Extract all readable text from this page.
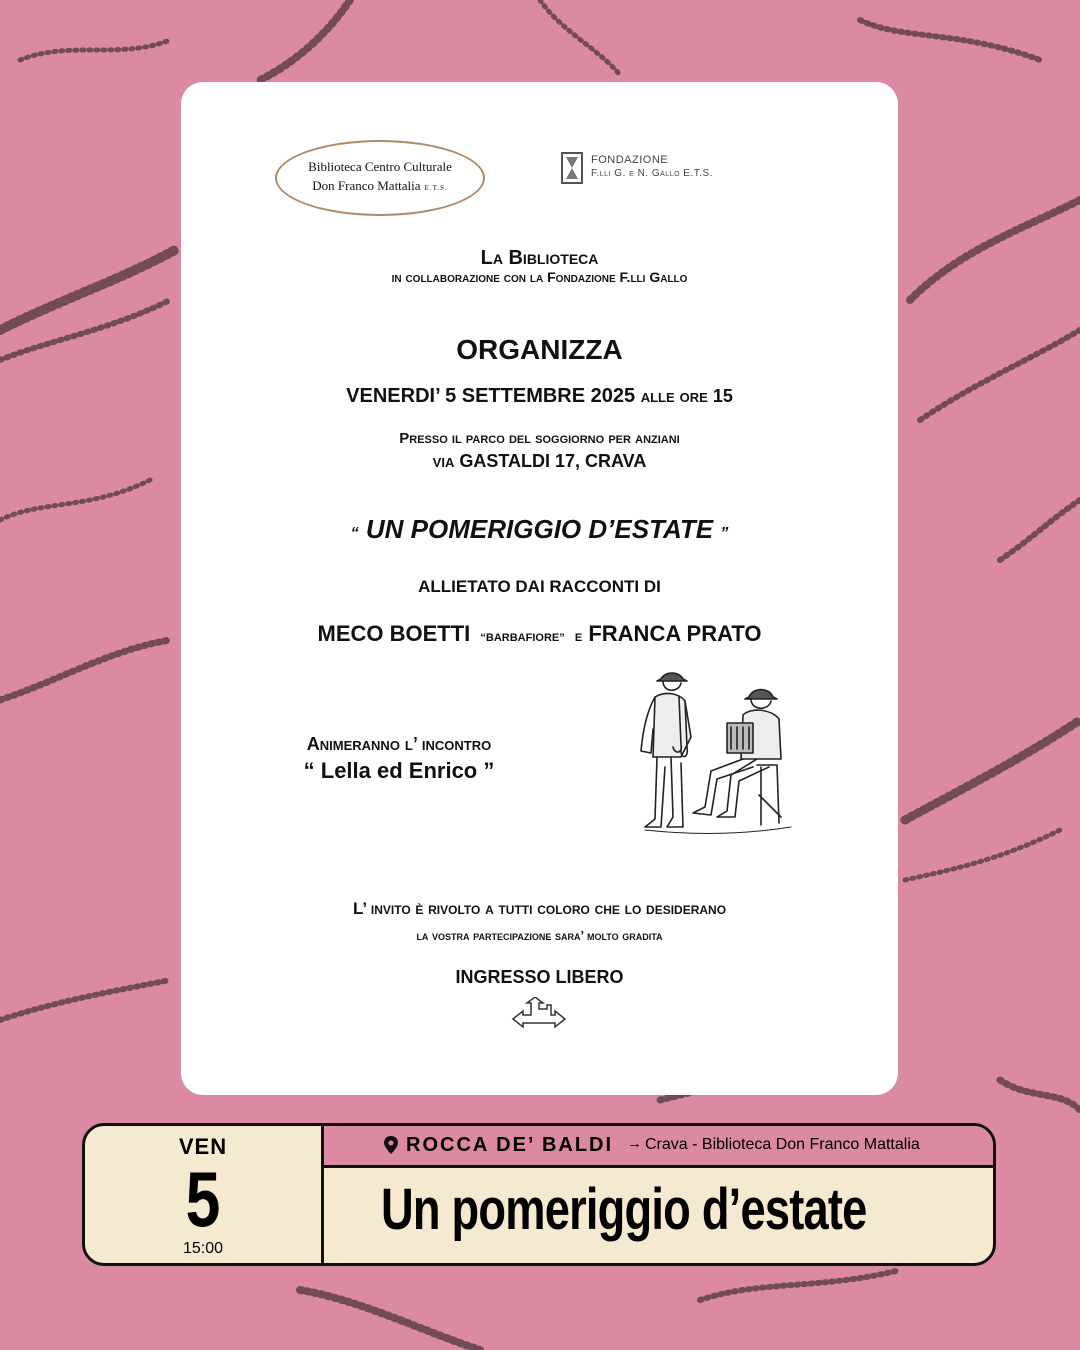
Biblioteca Centro Culturale
Don Franco Mattalia E.T.S.
FONDAZIONE
F.lli G. e N. Gallo E.T.S.
La Biblioteca
in collaborazione con la Fondazione F.lli Gallo
ORGANIZZA
VENERDI’ 5 SETTEMBRE 2025 alle ore 15
Presso il parco del soggiorno per anziani
via GASTALDI 17, CRAVA
“ UN POMERIGGIO D’ESTATE ”
ALLIETATO DAI RACCONTI DI
MECO BOETTI “BARBAFIORE” e FRANCA PRATO
Animeranno l’ incontro
“ Lella ed Enrico ”
L’ invito è rivolto a tutti coloro che lo desiderano
la vostra partecipazione sara’ molto gradita
INGRESSO LIBERO
VEN
5
15:00
ROCCA DE’ BALDI → Crava - Biblioteca Don Franco Mattalia
Un pomeriggio d’estate
